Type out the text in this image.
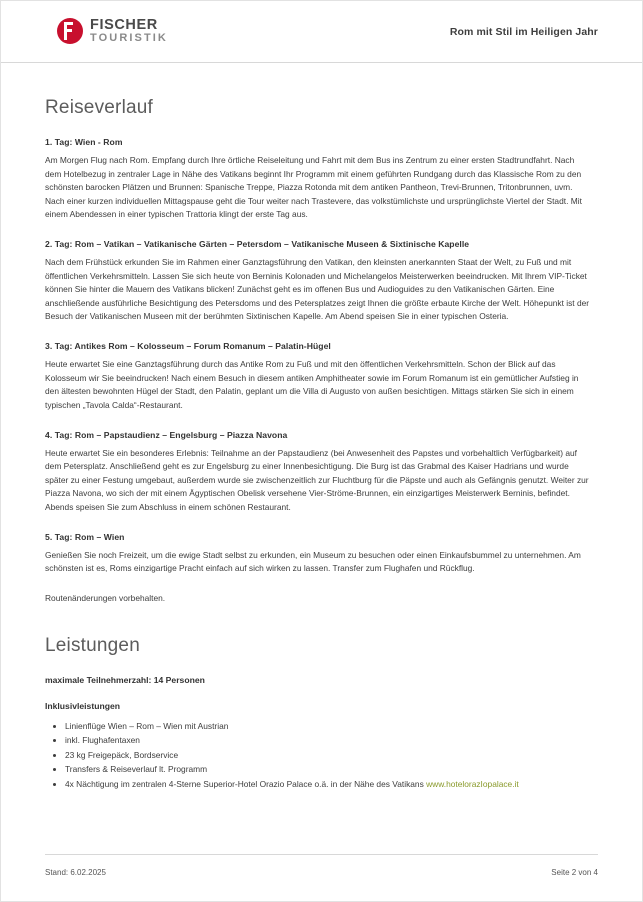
FISCHER
TOURISTIK
Rom mit Stil im Heiligen Jahr
Reiseverlauf

1. Tag: Wien - Rom

Am Morgen Flug nach Rom. Empfang durch Ihre örtliche Reiseleitung und Fahrt mit dem Bus ins Zentrum zu einer ersten Stadtrundfahrt. Nach dem Hotelbezug in zentraler Lage in Nähe des Vatikans beginnt Ihr Programm mit einem geführten Rundgang durch das Klassische Rom zu den schönsten barocken Plätzen und Brunnen: Spanische Treppe, Piazza Rotonda mit dem antiken Pantheon, Trevi-Brunnen, Tritonbrunnen, uvm. Nach einer kurzen individuellen Mittagspause geht die Tour weiter nach Trastevere, das volkstümlichste und ursprünglichste Viertel der Stadt. Mit einem Abendessen in einer typischen Trattoria klingt der erste Tag aus.

2. Tag: Rom – Vatikan – Vatikanische Gärten – Petersdom – Vatikanische Museen & Sixtinische Kapelle

Nach dem Frühstück erkunden Sie im Rahmen einer Ganztagsführung den Vatikan, den kleinsten anerkannten Staat der Welt, zu Fuß und mit öffentlichen Verkehrsmitteln. Lassen Sie sich heute von Berninis Kolonaden und Michelangelos Meisterwerken beeindrucken. Mit Ihrem VIP-Ticket können Sie hinter die Mauern des Vatikans blicken! Zunächst geht es im offenen Bus und Audioguides zu den Vatikanischen Gärten. Eine anschließende ausführliche Besichtigung des Petersdoms und des Petersplatzes zeigt Ihnen die größte erbaute Kirche der Welt. Höhepunkt ist der Besuch der Vatikanischen Museen mit der berühmten Sixtinischen Kapelle. Am Abend speisen Sie in einer typischen Osteria.

3. Tag: Antikes Rom – Kolosseum – Forum Romanum – Palatin-Hügel

Heute erwartet Sie eine Ganztagsführung durch das Antike Rom zu Fuß und mit den öffentlichen Verkehrsmitteln. Schon der Blick auf das Kolosseum wir Sie beeindrucken! Nach einem Besuch in diesem antiken Amphitheater sowie im Forum Romanum ist ein gemütlicher Aufstieg in den ältesten bewohnten Hügel der Stadt, den Palatin, geplant um die Villa di Augusto von außen besichtigen. Mittags stärken Sie sich in einem typischen „Tavola Calda“-Restaurant.

4. Tag: Rom – Papstaudienz – Engelsburg – Piazza Navona

Heute erwartet Sie ein besonderes Erlebnis: Teilnahme an der Papstaudienz (bei Anwesenheit des Papstes und vorbehaltlich Verfügbarkeit) auf dem Petersplatz. Anschließend geht es zur Engelsburg zu einer Innenbesichtigung. Die Burg ist das Grabmal des Kaiser Hadrians und wurde später zu einer Festung umgebaut, außerdem wurde sie zwischenzeitlich zur Fluchtburg für die Päpste und auch als Gefängnis genutzt. Weiter zur Piazza Navona, wo sich der mit einem Ägyptischen Obelisk versehene Vier-Ströme-Brunnen, ein einzigartiges Meisterwerk Berninis, befindet. Abends speisen Sie zum Abschluss in einem schönen Restaurant.

5. Tag: Rom – Wien

Genießen Sie noch Freizeit, um die ewige Stadt selbst zu erkunden, ein Museum zu besuchen oder einen Einkaufsbummel zu unternehmen. Am schönsten ist es, Roms einzigartige Pracht einfach auf sich wirken zu lassen. Transfer zum Flughafen und Rückflug.

Routenänderungen vorbehalten.

Leistungen

maximale Teilnehmerzahl: 14 Personen

Inklusivleistungen

• Linienflüge Wien – Rom – Wien mit Austrian
• inkl. Flughafentaxen
• 23 kg Freigepäck, Bordservice
• Transfers & Reiseverlauf lt. Programm
• 4x Nächtigung im zentralen 4-Sterne Superior-Hotel Orazio Palace o.ä. in der Nähe des Vatikans www.hotelorazIopalace.it
Stand: 6.02.2025	Seite 2 von 4
